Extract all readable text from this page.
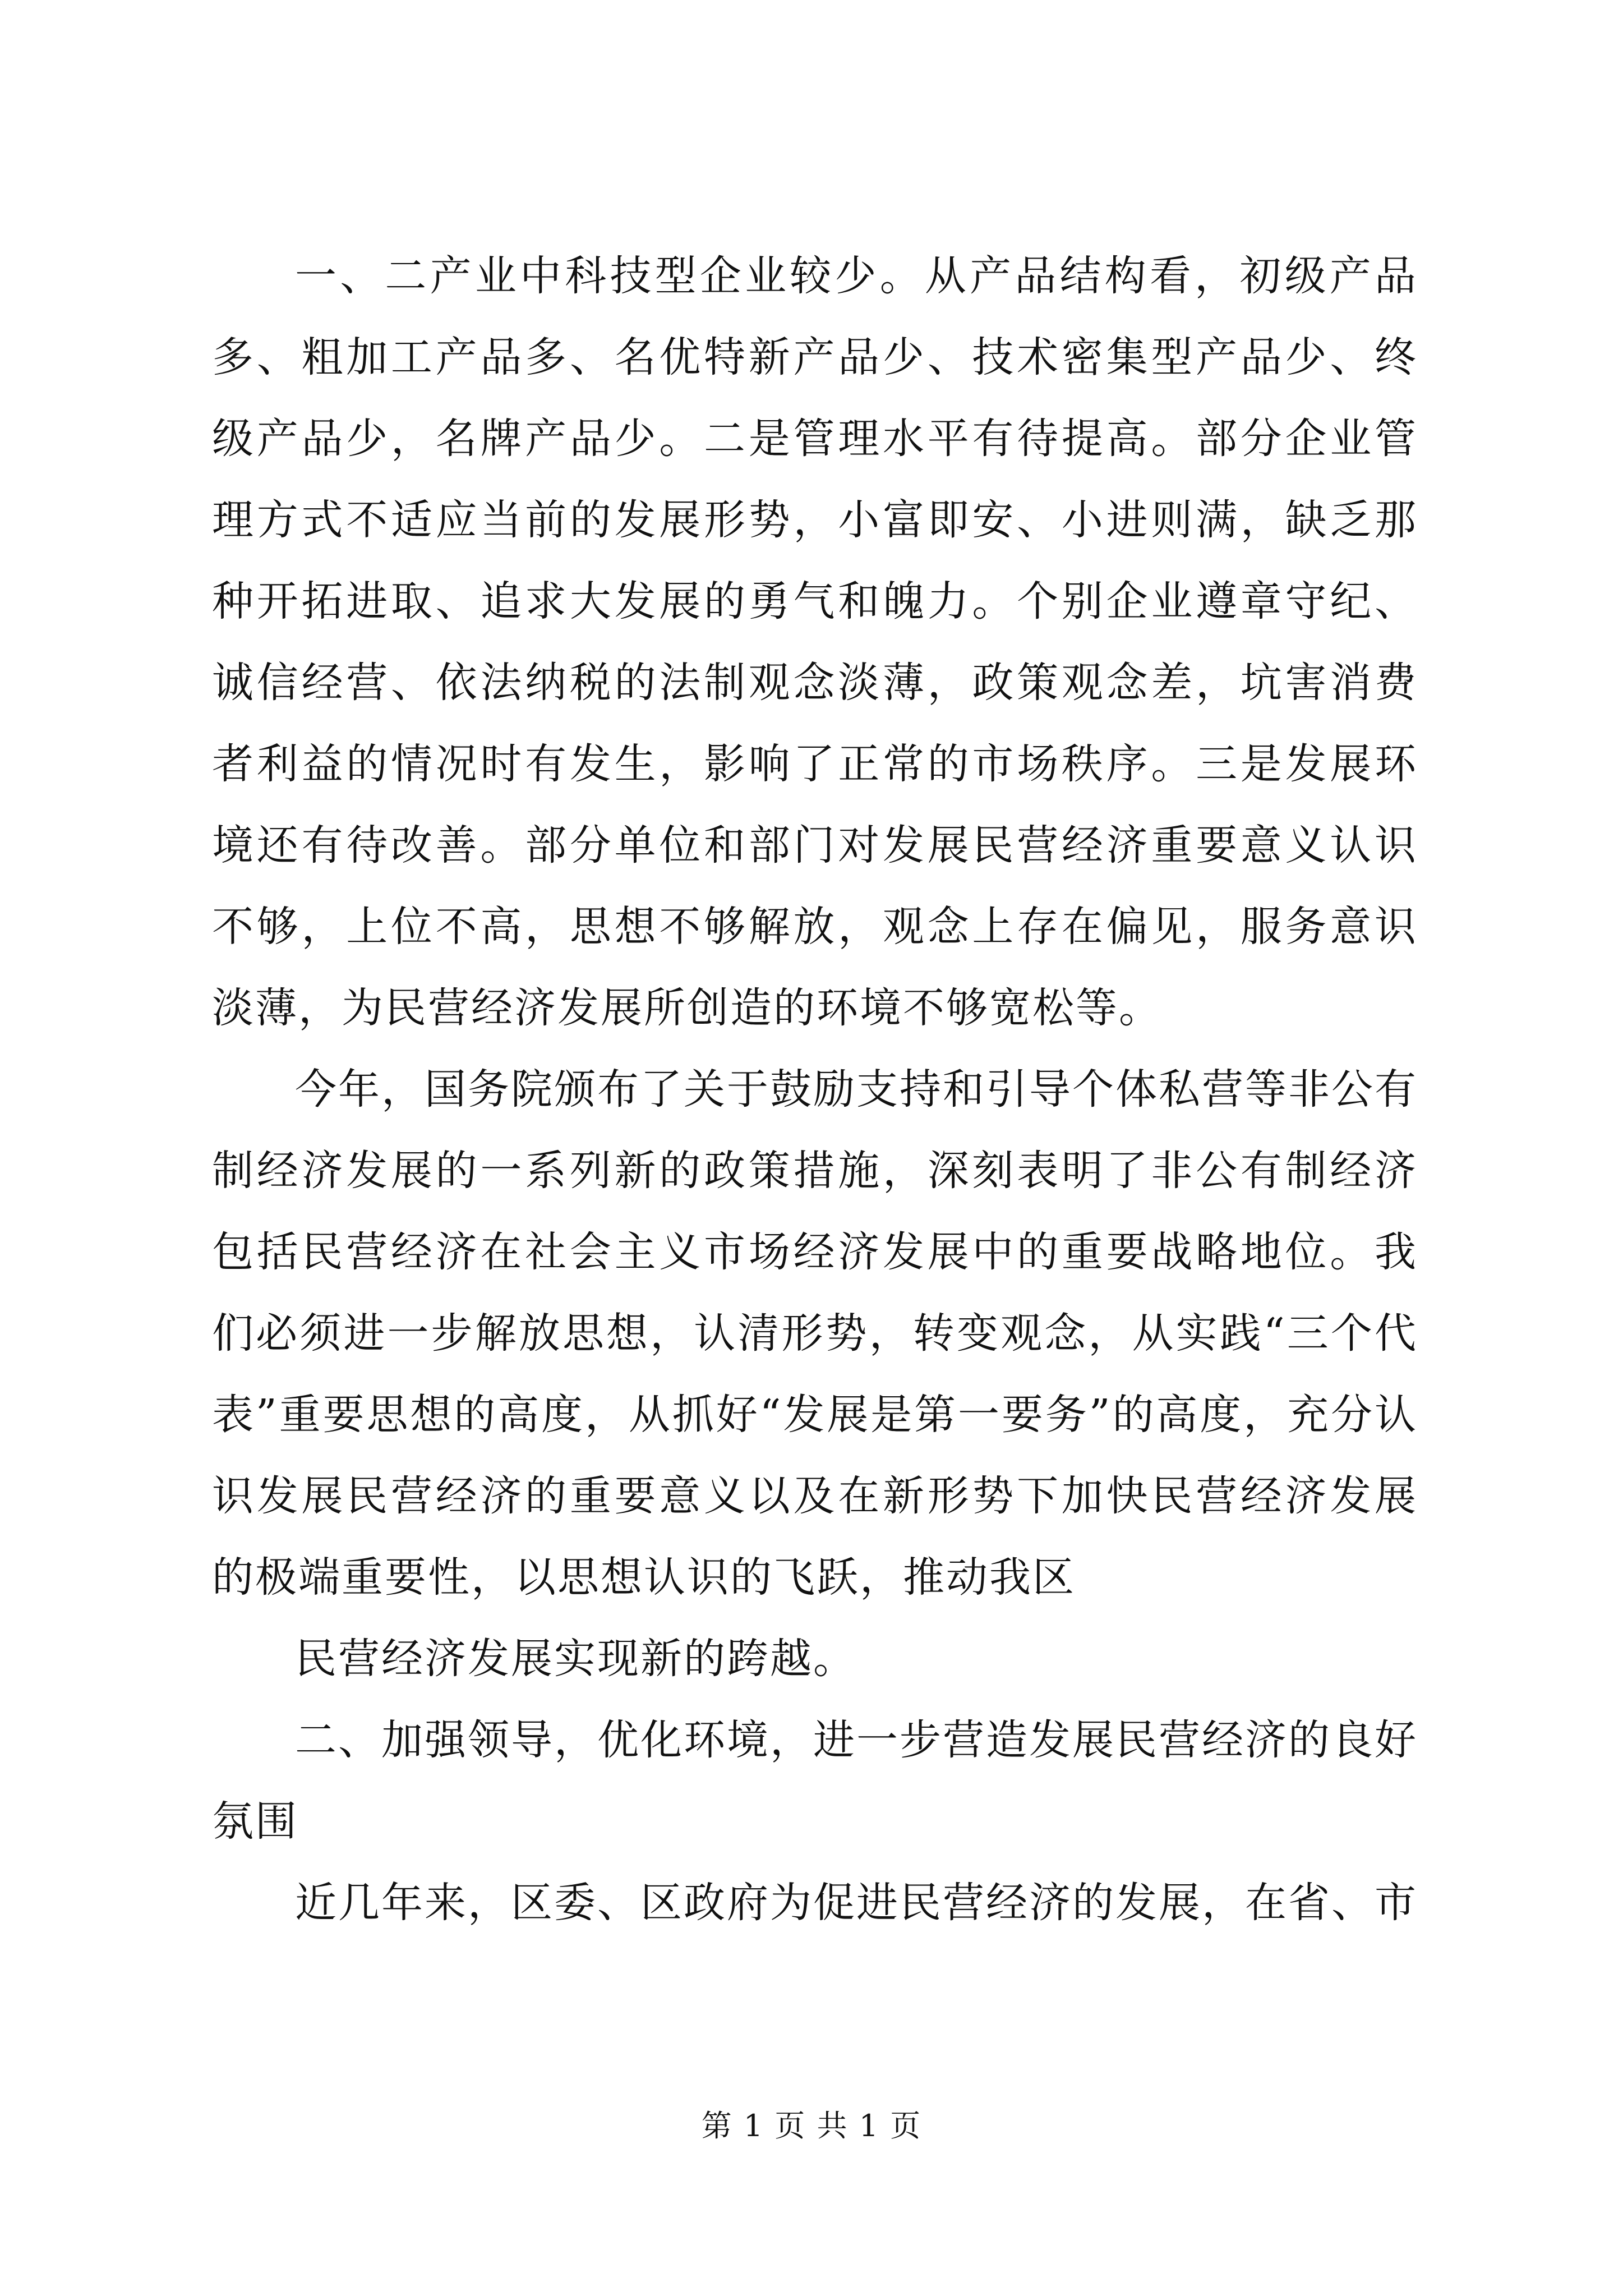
一、二产业中科技型企业较少。从产品结构看，初级产品多、粗加工产品多、名优特新产品少、技术密集型产品少、终级产品少，名牌产品少。二是管理水平有待提高。部分企业管理方式不适应当前的发展形势，小富即安、小进则满，缺乏那种开拓进取、追求大发展的勇气和魄力。个别企业遵章守纪、诚信经营、依法纳税的法制观念淡薄，政策观念差，坑害消费者利益的情况时有发生，影响了正常的市场秩序。三是发展环境还有待改善。部分单位和部门对发展民营经济重要意义认识不够，上位不高，思想不够解放，观念上存在偏见，服务意识淡薄，为民营经济发展所创造的环境不够宽松等。

今年，国务院颁布了关于鼓励支持和引导个体私营等非公有制经济发展的一系列新的政策措施，深刻表明了非公有制经济包括民营经济在社会主义市场经济发展中的重要战略地位。我们必须进一步解放思想，认清形势，转变观念，从实践“三个代表”重要思想的高度，从抓好“发展是第一要务”的高度，充分认识发展民营经济的重要意义以及在新形势下加快民营经济发展的极端重要性，以思想认识的飞跃，推动我区

民营经济发展实现新的跨越。

二、加强领导，优化环境，进一步营造发展民营经济的良好氛围

近几年来，区委、区政府为促进民营经济的发展，在省、市

第 1 页 共 1 页
